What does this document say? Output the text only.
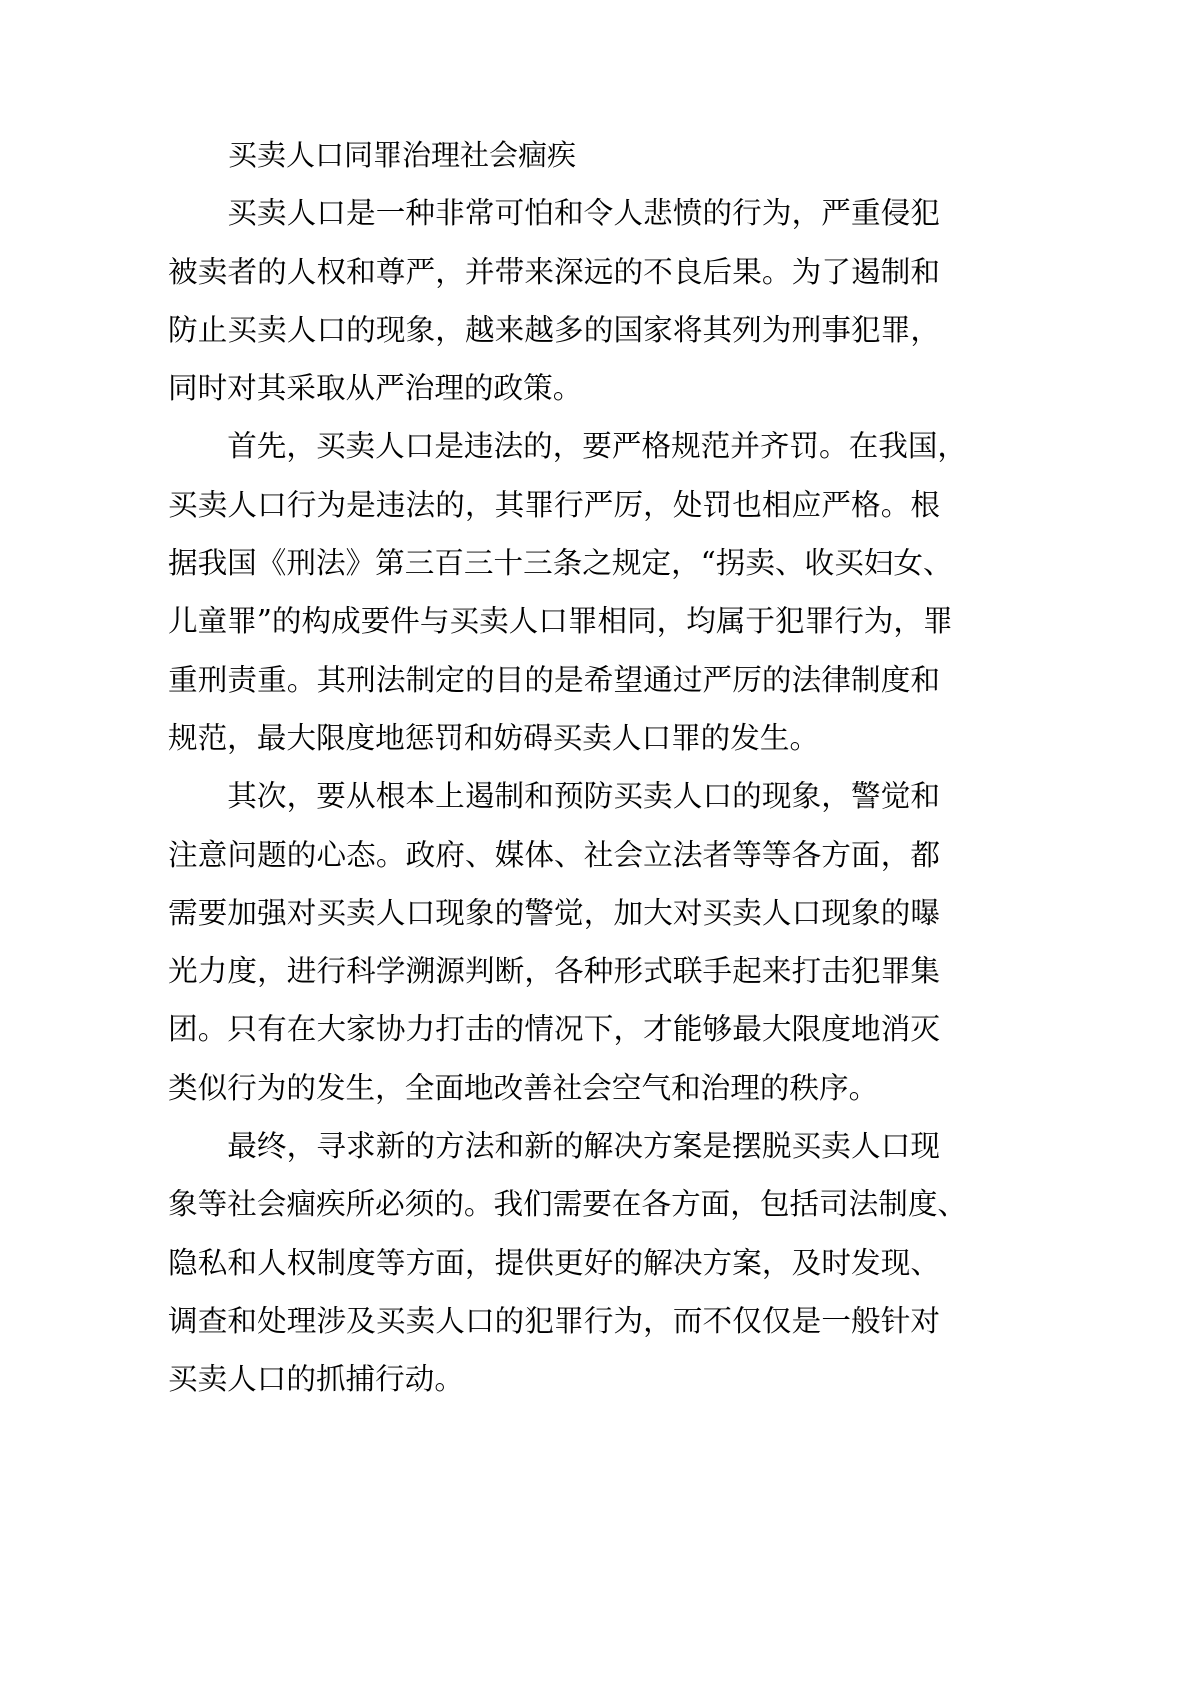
买卖人口同罪治理社会痼疾
买卖人口是一种非常可怕和令人悲愤的行为，严重侵犯
被卖者的人权和尊严，并带来深远的不良后果。为了遏制和
防止买卖人口的现象，越来越多的国家将其列为刑事犯罪，
同时对其采取从严治理的政策。
首先，买卖人口是违法的，要严格规范并齐罚。在我国，
买卖人口行为是违法的，其罪行严厉，处罚也相应严格。根
据我国《刑法》第三百三十三条之规定，“拐卖、收买妇女、
儿童罪”的构成要件与买卖人口罪相同，均属于犯罪行为，罪
重刑责重。其刑法制定的目的是希望通过严厉的法律制度和
规范，最大限度地惩罚和妨碍买卖人口罪的发生。
其次，要从根本上遏制和预防买卖人口的现象，警觉和
注意问题的心态。政府、媒体、社会立法者等等各方面，都
需要加强对买卖人口现象的警觉，加大对买卖人口现象的曝
光力度，进行科学溯源判断，各种形式联手起来打击犯罪集
团。只有在大家协力打击的情况下，才能够最大限度地消灭
类似行为的发生，全面地改善社会空气和治理的秩序。
最终，寻求新的方法和新的解决方案是摆脱买卖人口现
象等社会痼疾所必须的。我们需要在各方面，包括司法制度、
隐私和人权制度等方面，提供更好的解决方案，及时发现、
调查和处理涉及买卖人口的犯罪行为，而不仅仅是一般针对
买卖人口的抓捕行动。
